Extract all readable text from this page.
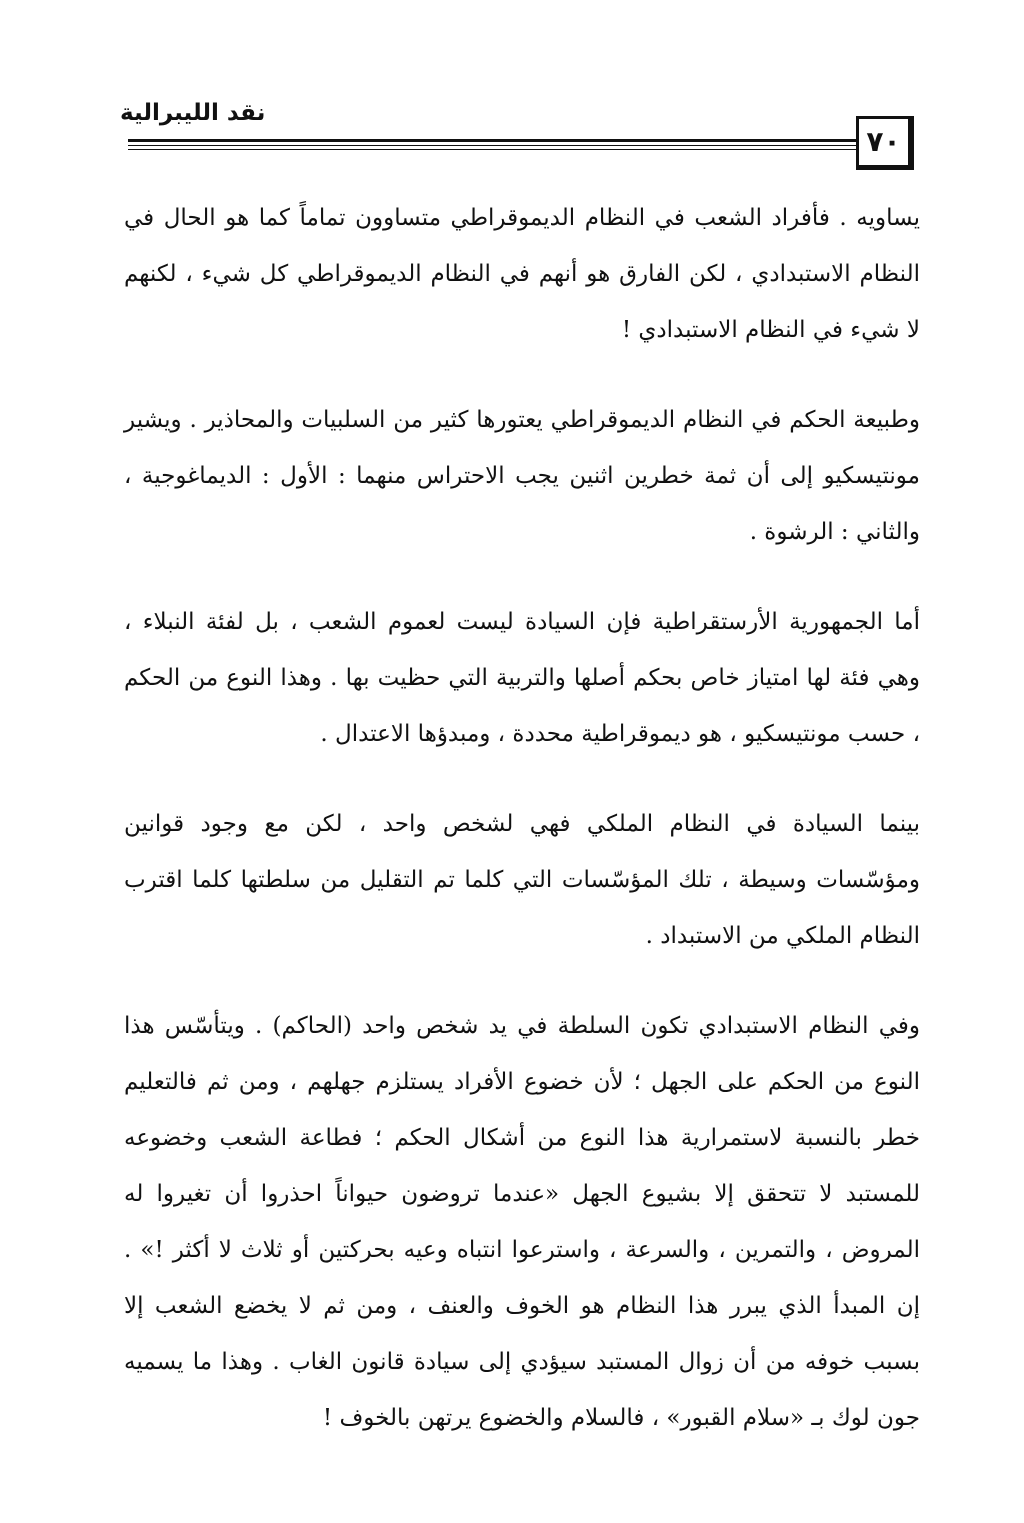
نقد الليبرالية
٧٠

يساويه . فأفراد الشعب في النظام الديموقراطي متساوون تماماً كما هو الحال في النظام الاستبدادي ، لكن الفارق هو أنهم في النظام الديموقراطي كل شيء ، لكنهم لا شيء في النظام الاستبدادي !

وطبيعة الحكم في النظام الديموقراطي يعتورها كثير من السلبيات والمحاذير . ويشير مونتيسكيو إلى أن ثمة خطرين اثنين يجب الاحتراس منهما : الأول : الديماغوجية ، والثاني : الرشوة .

أما الجمهورية الأرستقراطية فإن السيادة ليست لعموم الشعب ، بل لفئة النبلاء ، وهي فئة لها امتياز خاص بحكم أصلها والتربية التي حظيت بها . وهذا النوع من الحكم ، حسب مونتيسكيو ، هو ديموقراطية محددة ، ومبدؤها الاعتدال .

بينما السيادة في النظام الملكي فهي لشخص واحد ، لكن مع وجود قوانين ومؤسّسات وسيطة ، تلك المؤسّسات التي كلما تم التقليل من سلطتها كلما اقترب النظام الملكي من الاستبداد .

وفي النظام الاستبدادي تكون السلطة في يد شخص واحد (الحاكم) . ويتأسّس هذا النوع من الحكم على الجهل ؛ لأن خضوع الأفراد يستلزم جهلهم ، ومن ثم فالتعليم خطر بالنسبة لاستمرارية هذا النوع من أشكال الحكم ؛ فطاعة الشعب وخضوعه للمستبد لا تتحقق إلا بشيوع الجهل «عندما تروضون حيواناً احذروا أن تغيروا له المروض ، والتمرين ، والسرعة ، واسترعوا انتباه وعيه بحركتين أو ثلاث لا أكثر !» . إن المبدأ الذي يبرر هذا النظام هو الخوف والعنف ، ومن ثم لا يخضع الشعب إلا بسبب خوفه من أن زوال المستبد سيؤدي إلى سيادة قانون الغاب . وهذا ما يسميه جون لوك بـ «سلام القبور» ، فالسلام والخضوع يرتهن بالخوف !
